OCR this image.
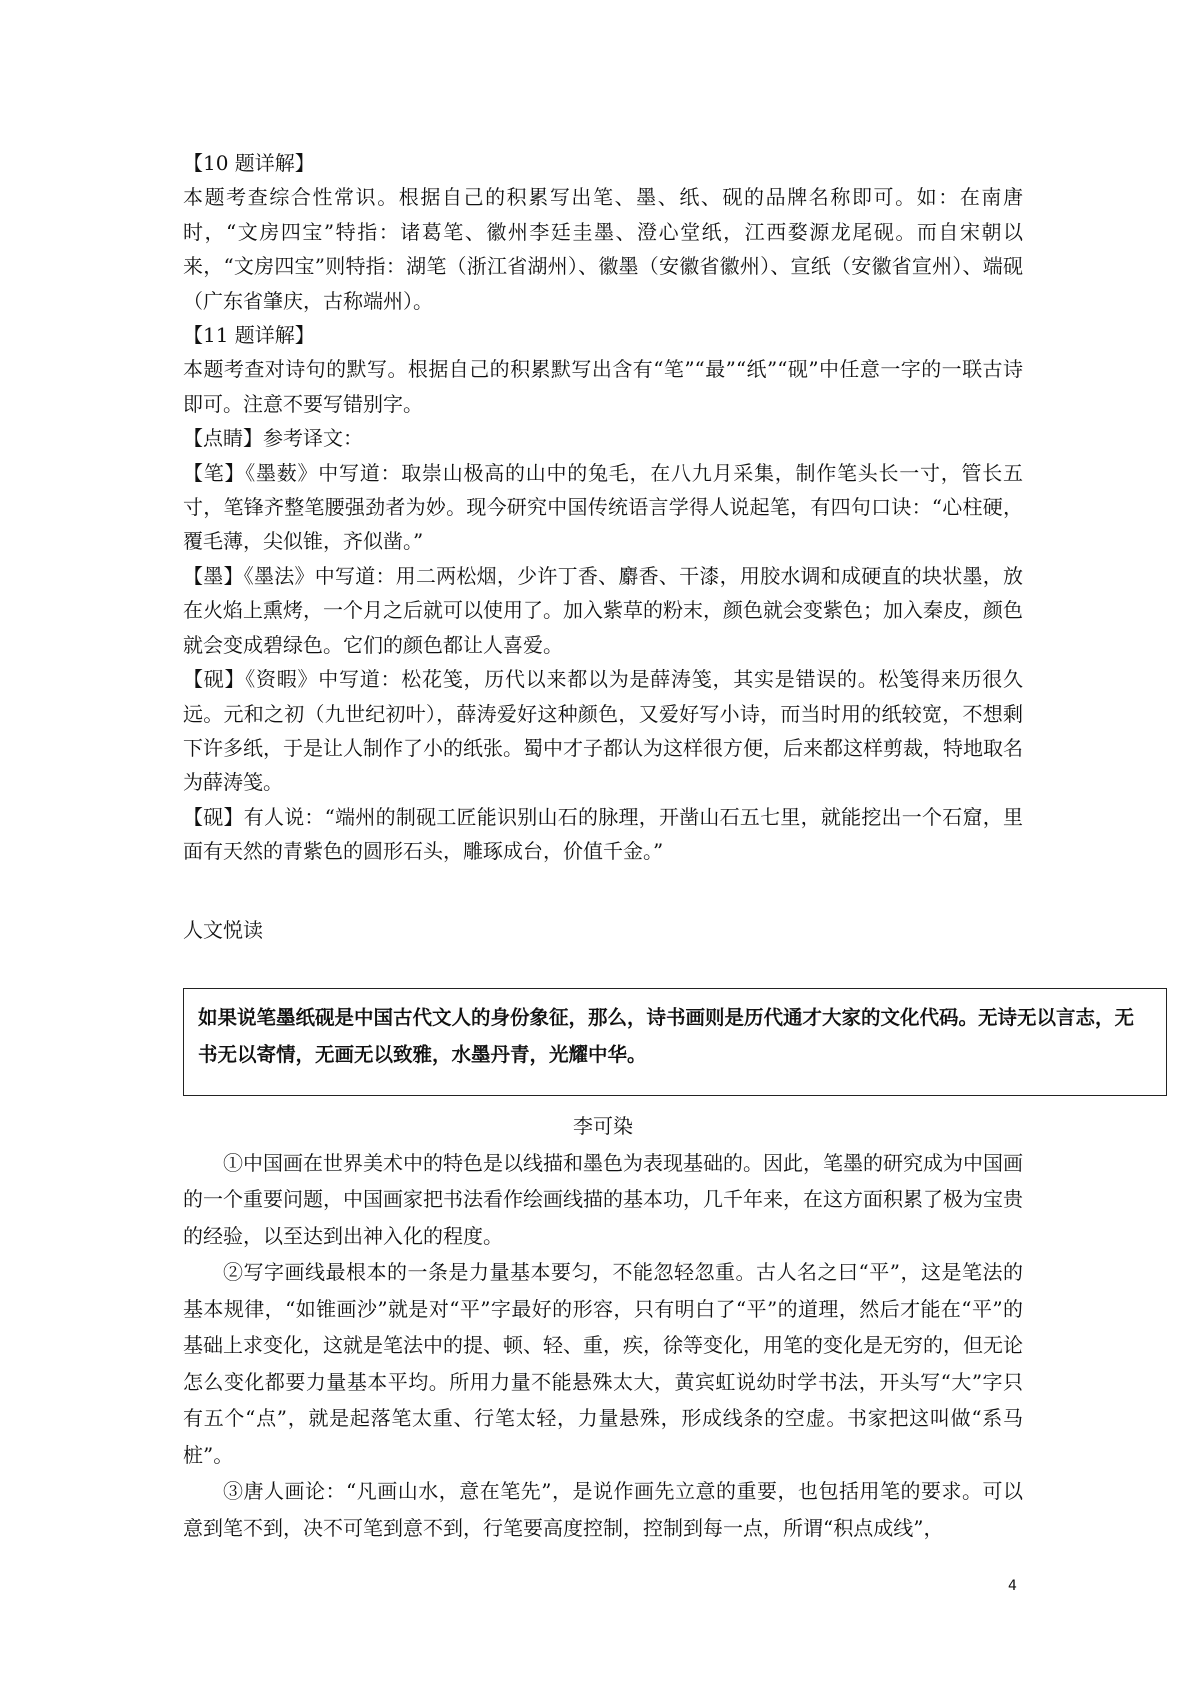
【10 题详解】

本题考查综合性常识。根据自己的积累写出笔、墨、纸、砚的品牌名称即可。如：在南唐时，“文房四宝”特指：诸葛笔、徽州李廷圭墨、澄心堂纸，江西婺源龙尾砚。而自宋朝以来，“文房四宝”则特指：湖笔（浙江省湖州）、徽墨（安徽省徽州）、宣纸（安徽省宣州）、端砚（广东省肇庆，古称端州）。

【11 题详解】

本题考查对诗句的默写。根据自己的积累默写出含有“笔”“最”“纸”“砚”中任意一字的一联古诗即可。注意不要写错别字。

【点睛】参考译文：

【笔】《墨薮》中写道：取崇山极高的山中的兔毛，在八九月采集，制作笔头长一寸，管长五寸，笔锋齐整笔腰强劲者为妙。现今研究中国传统语言学得人说起笔，有四句口诀：“心柱硬，覆毛薄，尖似锥，齐似凿。”

【墨】《墨法》中写道：用二两松烟，少许丁香、麝香、干漆，用胶水调和成硬直的块状墨，放在火焰上熏烤，一个月之后就可以使用了。加入紫草的粉末，颜色就会变紫色；加入秦皮，颜色就会变成碧绿色。它们的颜色都让人喜爱。

【砚】《资暇》中写道：松花笺，历代以来都以为是薛涛笺，其实是错误的。松笺得来历很久远。元和之初（九世纪初叶），薛涛爱好这种颜色，又爱好写小诗，而当时用的纸较宽，不想剩下许多纸，于是让人制作了小的纸张。蜀中才子都认为这样很方便，后来都这样剪裁，特地取名为薛涛笺。

【砚】有人说：“端州的制砚工匠能识别山石的脉理，开凿山石五七里，就能挖出一个石窟，里面有天然的青紫色的圆形石头，雕琢成台，价值千金。”

人文悦读

如果说笔墨纸砚是中国古代文人的身份象征，那么，诗书画则是历代通才大家的文化代码。无诗无以言志，无书无以寄情，无画无以致雅，水墨丹青，光耀中华。

李可染

①中国画在世界美术中的特色是以线描和墨色为表现基础的。因此，笔墨的研究成为中国画的一个重要问题，中国画家把书法看作绘画线描的基本功，几千年来，在这方面积累了极为宝贵的经验，以至达到出神入化的程度。

②写字画线最根本的一条是力量基本要匀，不能忽轻忽重。古人名之曰“平”，这是笔法的基本规律，“如锥画沙”就是对“平”字最好的形容，只有明白了“平”的道理，然后才能在“平”的基础上求变化，这就是笔法中的提、顿、轻、重，疾，徐等变化，用笔的变化是无穷的，但无论怎么变化都要力量基本平均。所用力量不能悬殊太大，黄宾虹说幼时学书法，开头写“大”字只有五个“点”，就是起落笔太重、行笔太轻，力量悬殊，形成线条的空虚。书家把这叫做“系马桩”。

③唐人画论：“凡画山水，意在笔先”，是说作画先立意的重要，也包括用笔的要求。可以意到笔不到，决不可笔到意不到，行笔要高度控制，控制到每一点，所谓“积点成线”，

4
